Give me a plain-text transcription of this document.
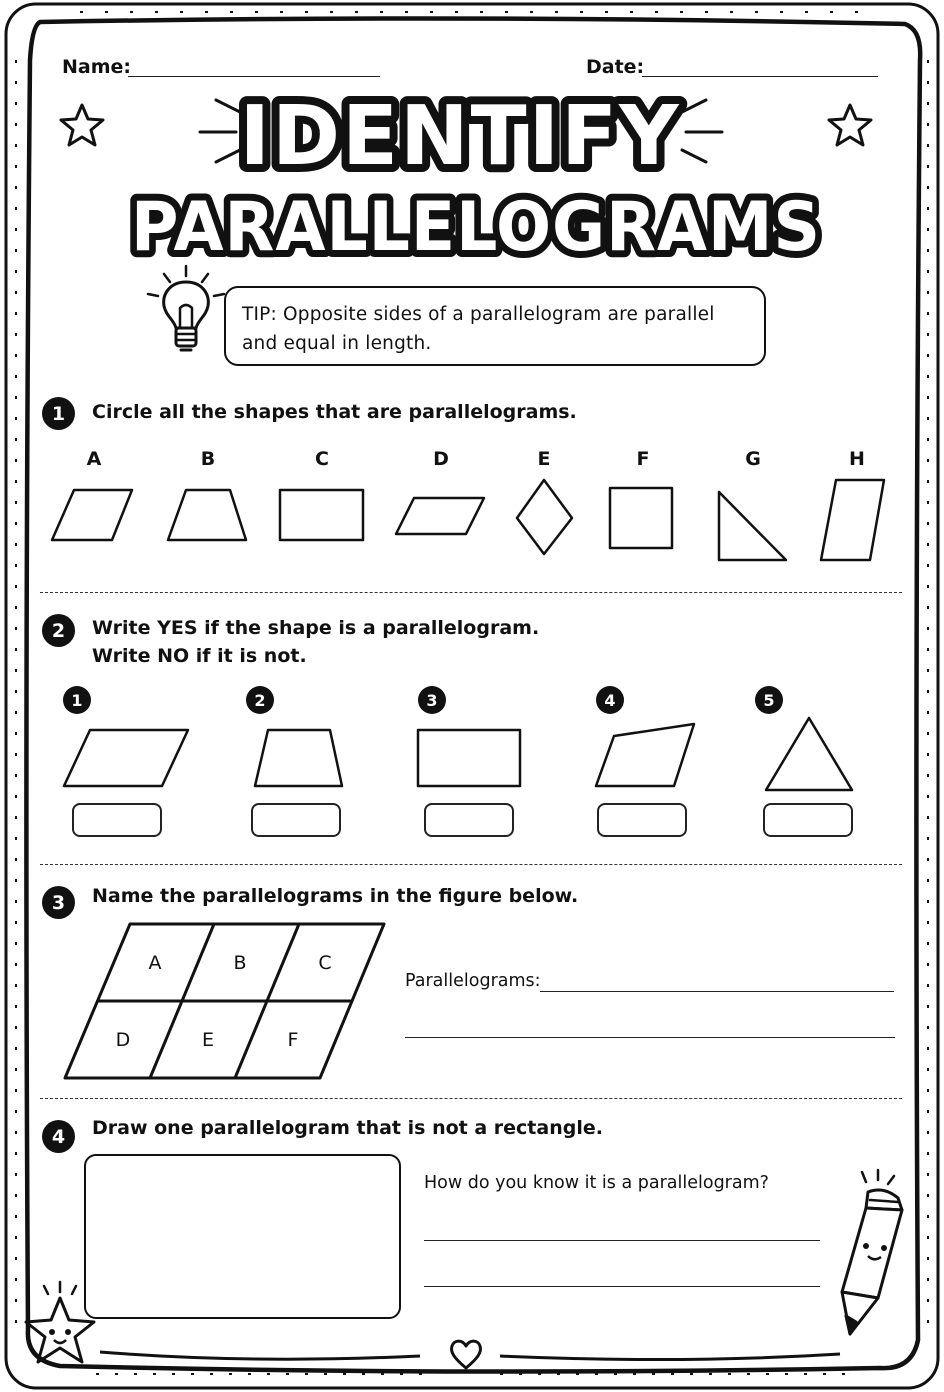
Name:	Date:
IDENTIFY
PARALLELOGRAMS
TIP: Opposite sides of a parallelogram are parallel
and equal in length.
1	Circle all the shapes that are parallelograms.
A	B	C	D	E	F	G	H
2	Write YES if the shape is a parallelogram.
Write NO if it is not.
1	2	3	4	5
3	Name the parallelograms in the figure below.
A	B	C
D	E	F
Parallelograms:
4	Draw one parallelogram that is not a rectangle.
How do you know it is a parallelogram?
